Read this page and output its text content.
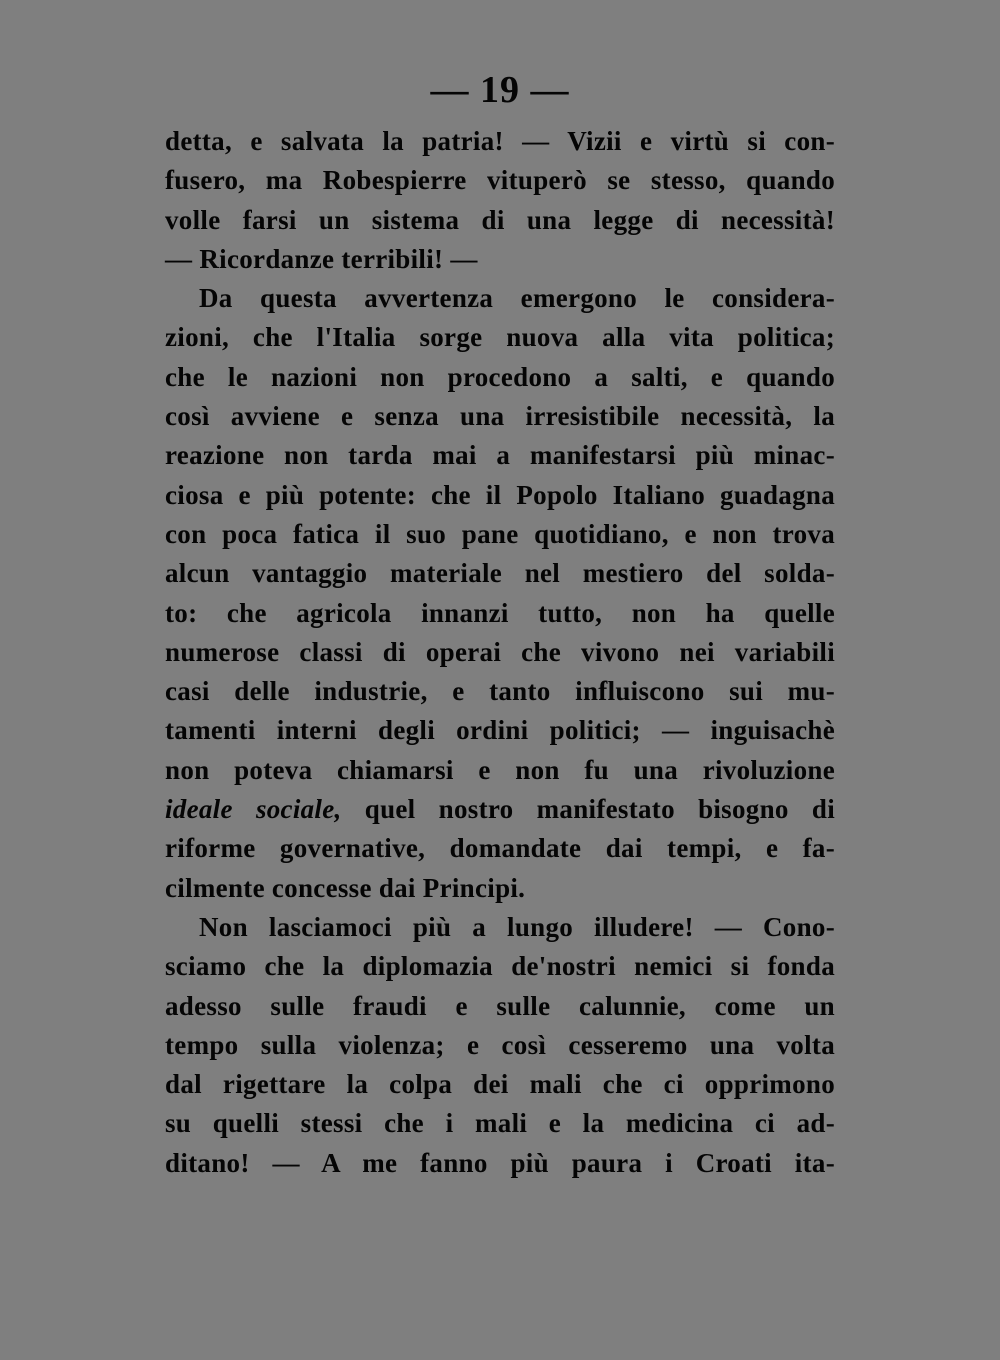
— 19 —
detta, e salvata la patria! — Vizii e virtù si con-
fusero, ma Robespierre vituperò se stesso, quando
volle farsi un sistema di una legge di necessità!
— Ricordanze terribili! —
Da questa avvertenza emergono le considera-
zioni, che l'Italia sorge nuova alla vita politica;
che le nazioni non procedono a salti, e quando
così avviene e senza una irresistibile necessità, la
reazione non tarda mai a manifestarsi più minac-
ciosa e più potente: che il Popolo Italiano guadagna
con poca fatica il suo pane quotidiano, e non trova
alcun vantaggio materiale nel mestiero del solda-
to: che agricola innanzi tutto, non ha quelle
numerose classi di operai che vivono nei variabili
casi delle industrie, e tanto influiscono sui mu-
tamenti interni degli ordini politici; — inguisachè
non poteva chiamarsi e non fu una rivoluzione
ideale sociale, quel nostro manifestato bisogno di
riforme governative, domandate dai tempi, e fa-
cilmente concesse dai Principi.
Non lasciamoci più a lungo illudere! — Cono-
sciamo che la diplomazia de'nostri nemici si fonda
adesso sulle fraudi e sulle calunnie, come un
tempo sulla violenza; e così cesseremo una volta
dal rigettare la colpa dei mali che ci opprimono
su quelli stessi che i mali e la medicina ci ad-
ditano! — A me fanno più paura i Croati ita-
